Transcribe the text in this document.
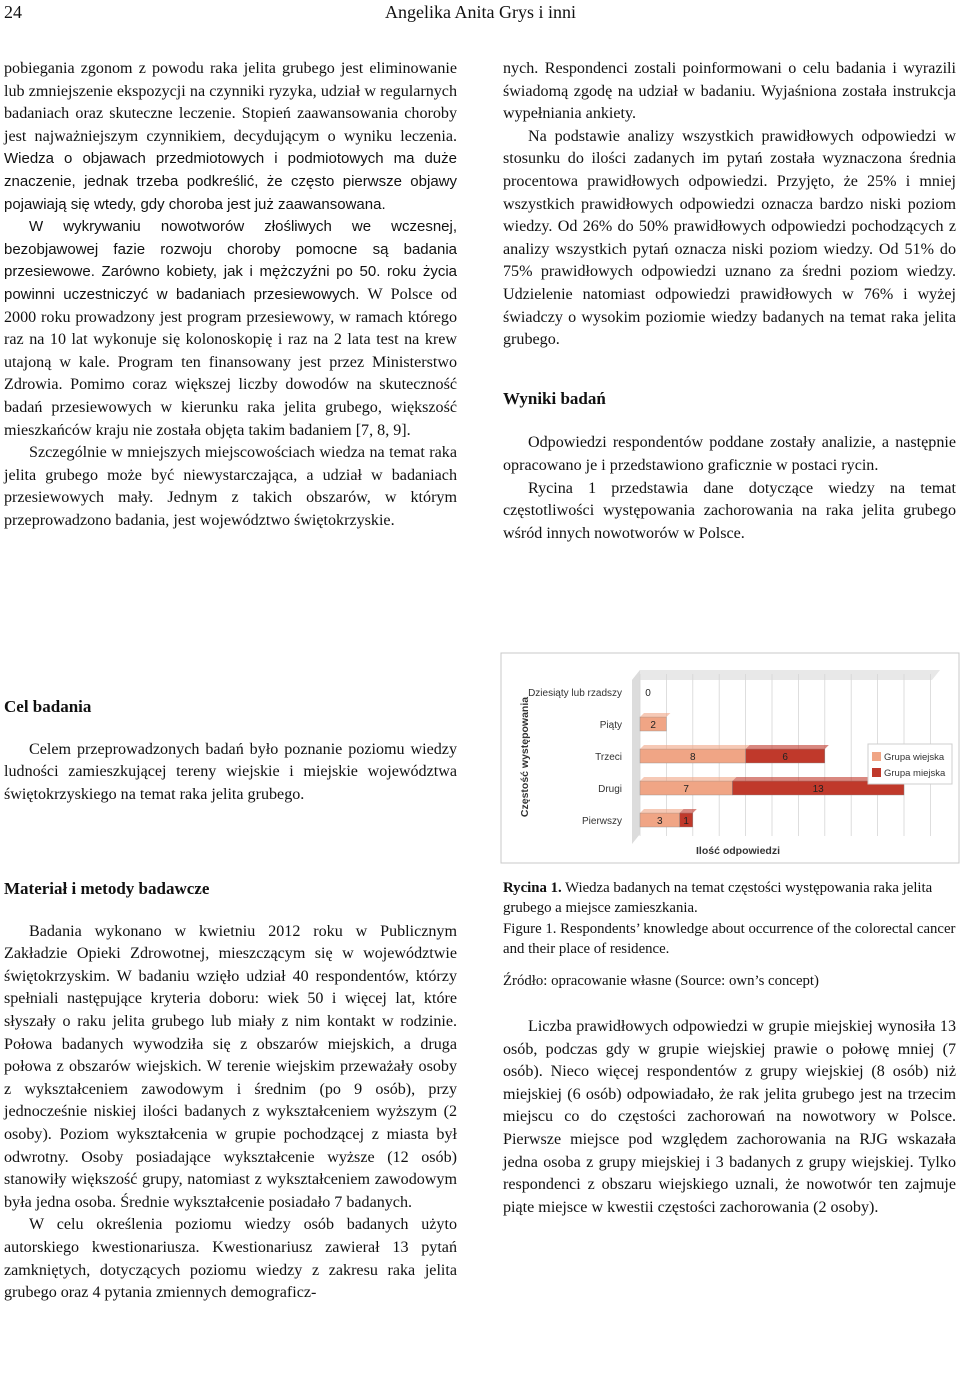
24	Angelika Anita Grys i inni

pobiegania zgonom z powodu raka jelita grubego jest eliminowanie lub zmniejszenie ekspozycji na czynniki ryzyka, udział w regularnych badaniach oraz skuteczne leczenie. Stopień zaawansowania choroby jest najważniejszym czynnikiem, decydującym o wyniku leczenia. Wiedza o objawach przedmiotowych i podmiotowych ma duże znaczenie, jednak trzeba podkreślić, że często pierwsze objawy pojawiają się wtedy, gdy choroba jest już zaawansowana.

W wykrywaniu nowotworów złośliwych we wczesnej, bezobjawowej fazie rozwoju choroby pomocne są badania przesiewowe. Zarówno kobiety, jak i mężczyźni po 50. roku życia powinni uczestniczyć w badaniach przesiewowych. W Polsce od 2000 roku prowadzony jest program przesiewowy, w ramach którego raz na 10 lat wykonuje się kolonoskopię i raz na 2 lata test na krew utajoną w kale. Program ten finansowany jest przez Ministerstwo Zdrowia. Pomimo coraz większej liczby dowodów na skuteczność badań przesiewowych w kierunku raka jelita grubego, większość mieszkańców kraju nie została objęta takim badaniem [7, 8, 9].

Szczególnie w mniejszych miejscowościach wiedza na temat raka jelita grubego może być niewystarczająca, a udział w badaniach przesiewowych mały. Jednym z takich obszarów, w którym przeprowadzono badania, jest województwo świętokrzyskie.

Cel badania

Celem przeprowadzonych badań było poznanie poziomu wiedzy ludności zamieszkującej tereny wiejskie i miejskie województwa świętokrzyskiego na temat raka jelita grubego.

Materiał i metody badawcze

Badania wykonano w kwietniu 2012 roku w Publicznym Zakładzie Opieki Zdrowotnej, mieszczącym się w województwie świętokrzyskim. W badaniu wzięło udział 40 respondentów, którzy spełniali następujące kryteria doboru: wiek 50 i więcej lat, które słyszały o raku jelita grubego lub miały z nim kontakt w rodzinie. Połowa badanych wywodziła się z obszarów miejskich, a druga połowa z obszarów wiejskich. W terenie wiejskim przeważały osoby z wykształceniem zawodowym i średnim (po 9 osób), przy jednocześnie niskiej ilości badanych z wykształceniem wyższym (2 osoby). Poziom wykształcenia w grupie pochodzącej z miasta był odwrotny. Osoby posiadające wykształcenie wyższe (12 osób) stanowiły większość grupy, natomiast z wykształceniem zawodowym była jedna osoba. Średnie wykształcenie posiadało 7 badanych.

W celu określenia poziomu wiedzy osób badanych użyto autorskiego kwestionariusza. Kwestionariusz zawierał 13 pytań zamkniętych, dotyczących poziomu wiedzy z zakresu raka jelita grubego oraz 4 pytania zmiennych demograficz-

nych. Respondenci zostali poinformowani o celu badania i wyrazili świadomą zgodę na udział w badaniu. Wyjaśniona została instrukcja wypełniania ankiety.

Na podstawie analizy wszystkich prawidłowych odpowiedzi w stosunku do ilości zadanych im pytań została wyznaczona średnia procentowa prawidłowych odpowiedzi. Przyjęto, że 25% i mniej wszystkich prawidłowych odpowiedzi oznacza bardzo niski poziom wiedzy. Od 26% do 50% prawidłowych odpowiedzi pochodzących z analizy wszystkich pytań oznacza niski poziom wiedzy. Od 51% do 75% prawidłowych odpowiedzi uznano za średni poziom wiedzy. Udzielenie natomiast odpowiedzi prawidłowych w 76% i wyżej świadczy o wysokim poziomie wiedzy badanych na temat raka jelita grubego.

Wyniki badań

Odpowiedzi respondentów poddane zostały analizie, a następnie opracowano je i przedstawiono graficznie w postaci rycin.

Rycina 1 przedstawia dane dotyczące wiedzy na temat częstotliwości występowania zachorowania na raka jelita grubego wśród innych nowotworów w Polsce.

0
2
8	6
7	13
3 1
Dziesiąty lub rzadszy
Piąty
Trzeci
Drugi
Pierwszy
Częstość występowania
Ilość odpowiedzi
Grupa wiejska
Grupa miejska

Rycina 1. Wiedza badanych na temat częstości występowania raka jelita grubego a miejsce zamieszkania.

Figure 1. Respondents’ knowledge about occurrence of the colorectal cancer and their place of residence.

Źródło: opracowanie własne (Source: own’s concept)

Liczba prawidłowych odpowiedzi w grupie miejskiej wynosiła 13 osób, podczas gdy w grupie wiejskiej prawie o połowę mniej (7 osób). Nieco więcej respondentów z grupy wiejskiej (8 osób) niż miejskiej (6 osób) odpowiadało, że rak jelita grubego jest na trzecim miejscu co do częstości zachorowań na nowotwory w Polsce. Pierwsze miejsce pod względem zachorowania na RJG wskazała jedna osoba z grupy miejskiej i 3 badanych z grupy wiejskiej. Tylko respondenci z obszaru wiejskiego uznali, że nowotwór ten zajmuje piąte miejsce w kwestii częstości zachorowania (2 osoby).
